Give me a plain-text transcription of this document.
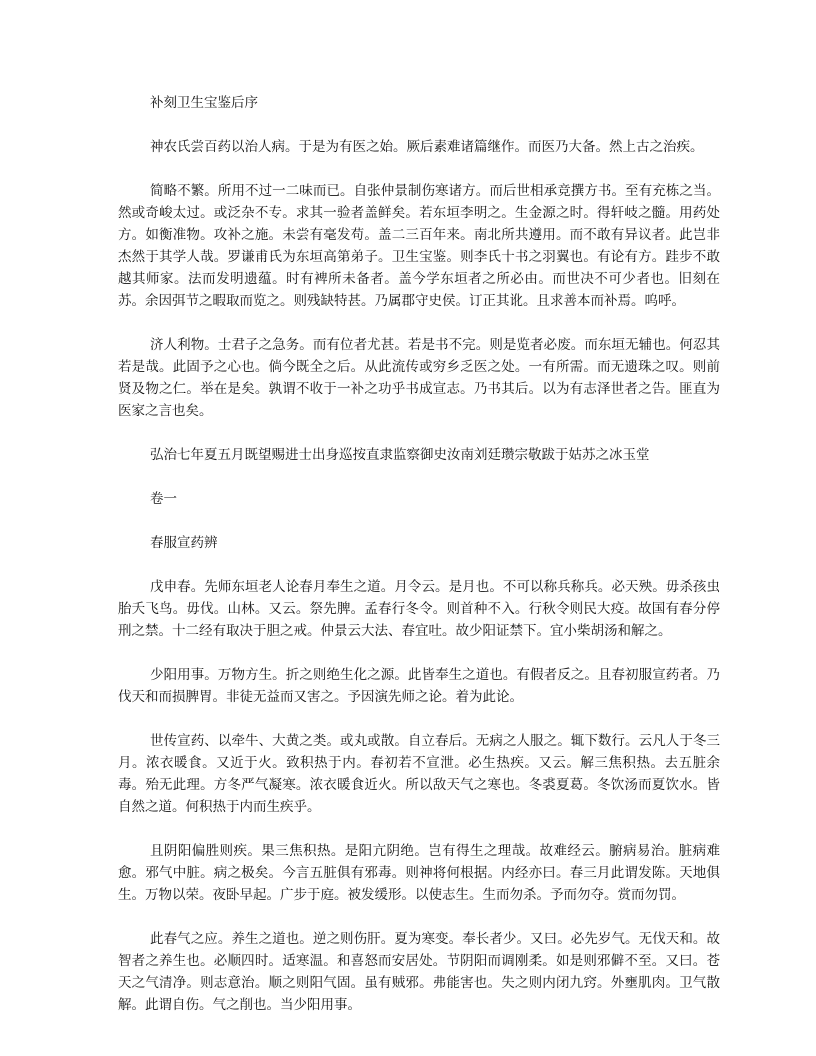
补刻卫生宝鉴后序

神农氏尝百药以治人病。于是为有医之始。厥后素难诸篇继作。而医乃大备。然上古之治疾。

简略不繁。所用不过一二味而已。自张仲景制伤寒诸方。而后世相承竞撰方书。至有充栋之当。然或奇峻太过。或泛杂不专。求其一验者盖鲜矣。若东垣李明之。生金源之时。得轩岐之髓。用药处方。如衡准物。攻补之施。未尝有毫发苟。盖二三百年来。南北所共遵用。而不敢有异议者。此岂非杰然于其学人哉。罗谦甫氏为东垣高第弟子。卫生宝鉴。则李氏十书之羽翼也。有论有方。跬步不敢越其师家。法而发明遗蕴。时有裨所未备者。盖今学东垣者之所必由。而世决不可少者也。旧刻在苏。余因弭节之暇取而览之。则残缺特甚。乃属郡守史侯。订正其讹。且求善本而补焉。呜呼。

济人利物。士君子之急务。而有位者尤甚。若是书不完。则是览者必废。而东垣无辅也。何忍其若是哉。此固予之心也。倘今既全之后。从此流传或穷乡乏医之处。一有所需。而无遗珠之叹。则前贤及物之仁。举在是矣。孰谓不收于一补之功乎书成宣志。乃书其后。以为有志泽世者之告。匪直为医家之言也矣。

弘治七年夏五月既望赐进士出身巡按直隶监察御史汝南刘廷瓒宗敬跋于姑苏之冰玉堂
卷一
春服宣药辨

戊申春。先师东垣老人论春月奉生之道。月令云。是月也。不可以称兵称兵。必天殃。毋杀孩虫胎夭飞鸟。毋伐。山林。又云。祭先脾。孟春行冬令。则首种不入。行秋令则民大疫。故国有春分停刑之禁。十二经有取决于胆之戒。仲景云大法、春宜吐。故少阳证禁下。宜小柴胡汤和解之。

少阳用事。万物方生。折之则绝生化之源。此皆奉生之道也。有假者反之。且春初服宣药者。乃伐天和而损脾胃。非徒无益而又害之。予因演先师之论。着为此论。

世传宣药、以牵牛、大黄之类。或丸或散。自立春后。无病之人服之。辄下数行。云凡人于冬三月。浓衣暖食。又近于火。致积热于内。春初若不宣泄。必生热疾。又云。解三焦积热。去五脏余毒。殆无此理。方冬严气凝寒。浓衣暖食近火。所以敌天气之寒也。冬裘夏葛。冬饮汤而夏饮水。皆自然之道。何积热于内而生疾乎。

且阴阳偏胜则疾。果三焦积热。是阳亢阴绝。岂有得生之理哉。故难经云。腑病易治。脏病难愈。邪气中脏。病之极矣。今言五脏俱有邪毒。则神将何根据。内经亦曰。春三月此谓发陈。天地俱生。万物以荣。夜卧早起。广步于庭。被发缓形。以使志生。生而勿杀。予而勿夺。赏而勿罚。

此春气之应。养生之道也。逆之则伤肝。夏为寒变。奉长者少。又曰。必先岁气。无伐天和。故智者之养生也。必顺四时。适寒温。和喜怒而安居处。节阴阳而调刚柔。如是则邪僻不至。又曰。苍天之气清净。则志意治。顺之则阳气固。虽有贼邪。弗能害也。失之则内闭九窍。外壅肌肉。卫气散解。此谓自伤。气之削也。当少阳用事。
